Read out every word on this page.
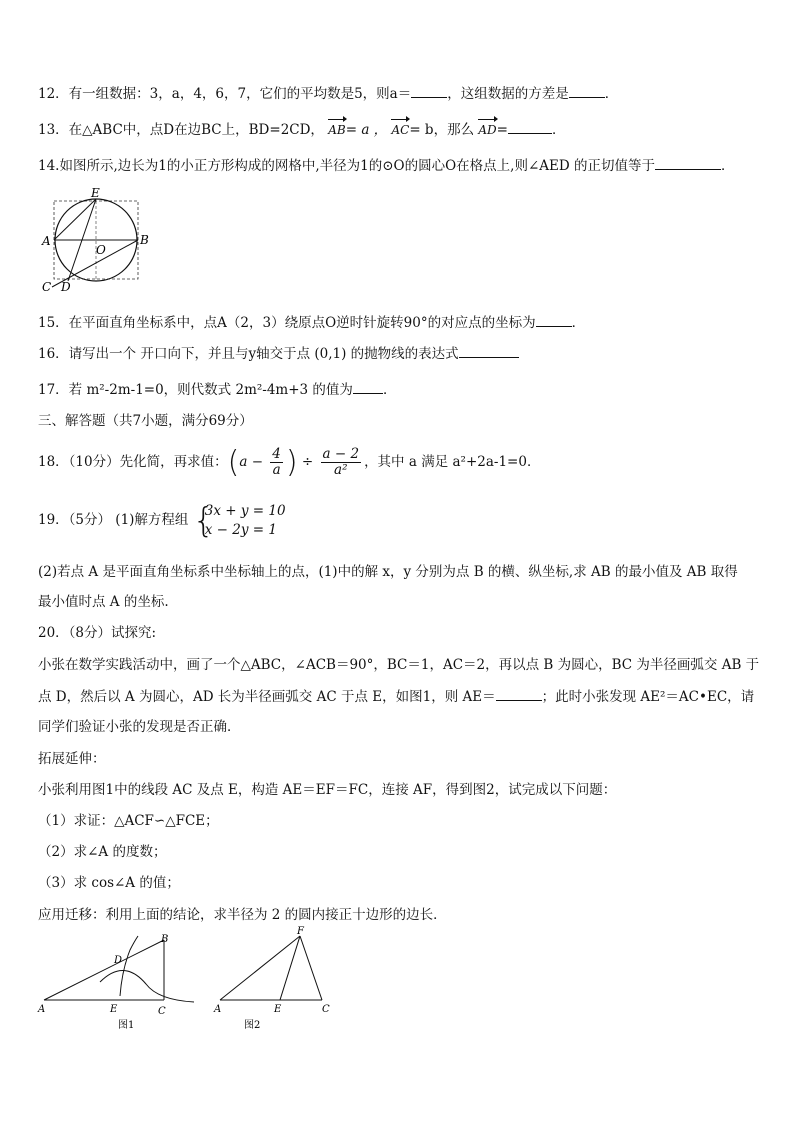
12．有一组数据：3，a，4，6，7，它们的平均数是5，则a＝	，这组数据的方差是	．
13．在△ABC中，点D在边BC上，BD=2CD， AB= a ， AC= b，那么 AD=	．
14.如图所示,边长为1的小正方形构成的网格中,半径为1的⊙O的圆心O在格点上,则∠AED 的正切值等于	．
E
A
O
B
C D
15．在平面直角坐标系中，点A（2，3）绕原点O逆时针旋转90°的对应点的坐标为	．
16．请写出一个 开口向下，并且与y轴交于点 (0,1) 的抛物线的表达式
17．若 m²-2m-1=0，则代数式 2m²-4m+3 的值为 ．
三、解答题（共7小题，满分69分）
18．（10分）先化简，再求值：($a - \frac{4}{a}$ ) ÷ $\frac{a - 2}{\text{a²}}$ ，其中 a 满足 a²+2a-1=0．
19．（5分） (1)解方程组 {
3x + y = 10
x − 2y = 1
(2)若点 A 是平面直角坐标系中坐标轴上的点，(1)中的解 x，y 分别为点 B 的横、纵坐标,求 AB 的最小值及 AB 取得
最小值时点 A 的坐标.
20．（8分）试探究:
小张在数学实践活动中，画了一个△ABC，∠ACB＝90°，BC＝1，AC＝2，再以点 B 为圆心，BC 为半径画弧交 AB 于
点 D，然后以 A 为圆心，AD 长为半径画弧交 AC 于点 E，如图1，则 AE＝	；此时小张发现 AE²＝AC•EC，请
同学们验证小张的发现是否正确．
拓展延伸：
小张利用图1中的线段 AC 及点 E，构造 AE＝EF＝FC，连接 AF，得到图2，试完成以下问题：
（1）求证：△ACF∽△FCE；
（2）求∠A 的度数；
（3）求 cos∠A 的值；
应用迁移：利用上面的结论，求半径为 2 的圆内接正十边形的边长．
B
D
A	E	C
图1
F
A	E	C
图2
